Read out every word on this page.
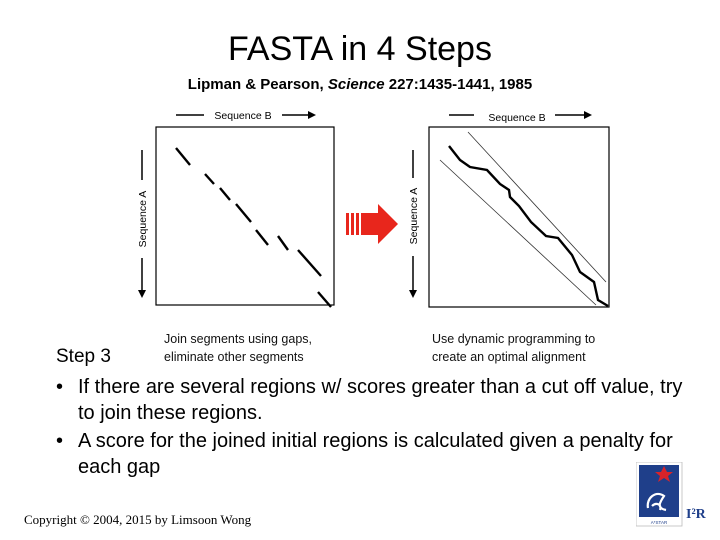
FASTA in 4 Steps
Lipman & Pearson, Science 227:1435-1441, 1985
Sequence B
Sequence A
Sequence B
Sequence A
Join segments using gaps,
eliminate other segments
Use dynamic programming to
create an optimal alignment
Step 3
• If there are several regions w/ scores greater than a cut off value, try to join these regions.
• A score for the joined initial regions is calculated given a penalty for each gap
Copyright © 2004, 2015 by Limsoon Wong	A*STAR
I²R
